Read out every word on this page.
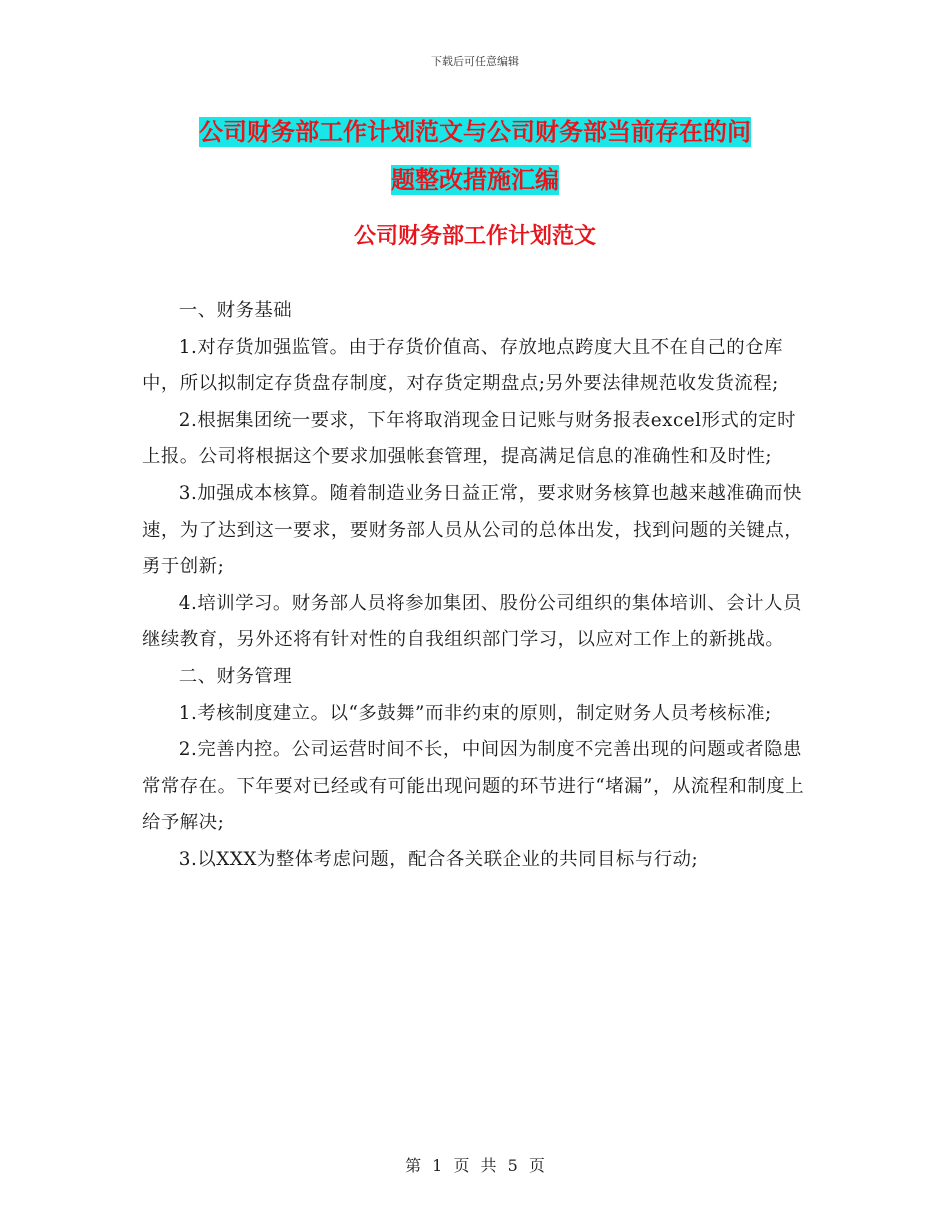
下载后可任意编辑
公司财务部工作计划范文与公司财务部当前存在的问
题整改措施汇编
公司财务部工作计划范文

一、财务基础

1.对存货加强监管。由于存货价值高、存放地点跨度大且不在自己的仓库中，所以拟制定存货盘存制度，对存货定期盘点;另外要法律规范收发货流程;

2.根据集团统一要求，下年将取消现金日记账与财务报表excel形式的定时上报。公司将根据这个要求加强帐套管理，提高满足信息的准确性和及时性;

3.加强成本核算。随着制造业务日益正常，要求财务核算也越来越准确而快速，为了达到这一要求，要财务部人员从公司的总体出发，找到问题的关键点，勇于创新;

4.培训学习。财务部人员将参加集团、股份公司组织的集体培训、会计人员继续教育，另外还将有针对性的自我组织部门学习，以应对工作上的新挑战。

二、财务管理

1.考核制度建立。以“多鼓舞”而非约束的原则，制定财务人员考核标准;

2.完善内控。公司运营时间不长，中间因为制度不完善出现的问题或者隐患常常存在。下年要对已经或有可能出现问题的环节进行“堵漏”，从流程和制度上给予解决;

3.以XXX为整体考虑问题，配合各关联企业的共同目标与行动;

第 1 页 共 5 页
